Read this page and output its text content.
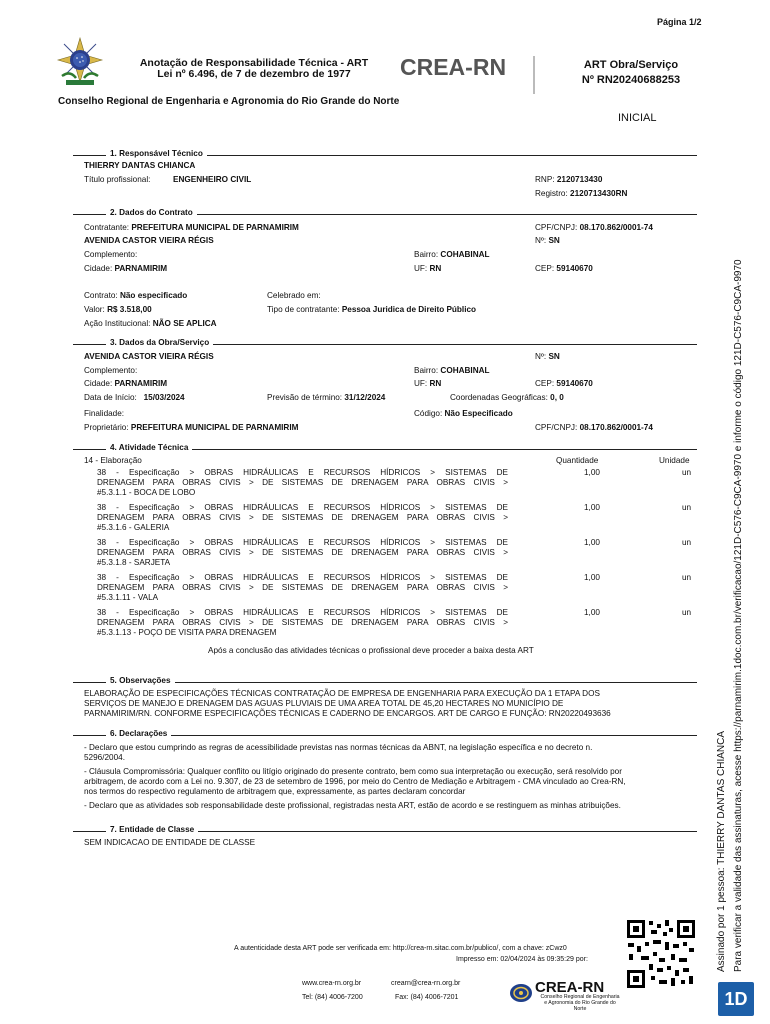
Página 1/2
Anotação de Responsabilidade Técnica - ART
Lei nº 6.496, de 7 de dezembro de 1977	CREA-RN	ART Obra/Serviço
Nº RN20240688253
Conselho Regional de Engenharia e Agronomia do Rio Grande do Norte
INICIAL
1. Responsável Técnico
THIERRY DANTAS CHIANCA
Título profissional:	ENGENHEIRO CIVIL	RNP: 2120713430
Registro: 2120713430RN
2. Dados do Contrato
Contratante: PREFEITURA MUNICIPAL DE PARNAMIRIM	CPF/CNPJ: 08.170.862/0001-74
AVENIDA CASTOR VIEIRA RÉGIS	Nº: SN
Complemento:	Bairro: COHABINAL
Cidade: PARNAMIRIM	UF: RN	CEP: 59140670
Contrato: Não especificado	Celebrado em:
Valor: R$ 3.518,00	Tipo de contratante: Pessoa Juridica de Direito Público
Ação Institucional: NÃO SE APLICA
3. Dados da Obra/Serviço
AVENIDA CASTOR VIEIRA RÉGIS	Nº: SN
Complemento:	Bairro: COHABINAL
Cidade: PARNAMIRIM	UF: RN	CEP: 59140670
Data de Início: 15/03/2024	Previsão de término: 31/12/2024	Coordenadas Geográficas: 0, 0
Finalidade:	Código: Não Especificado
Proprietário: PREFEITURA MUNICIPAL DE PARNAMIRIM	CPF/CNPJ: 08.170.862/0001-74
4. Atividade Técnica
14 - Elaboração	Quantidade	Unidade
38 - Especificação > OBRAS HIDRÁULICAS E RECURSOS HÍDRICOS > SISTEMAS DE
DRENAGEM PARA OBRAS CIVIS > DE SISTEMAS DE DRENAGEM PARA OBRAS CIVIS >
#5.3.1.1 - BOCA DE LOBO
1,00	un
38 - Especificação > OBRAS HIDRÁULICAS E RECURSOS HÍDRICOS > SISTEMAS DE
DRENAGEM PARA OBRAS CIVIS > DE SISTEMAS DE DRENAGEM PARA OBRAS CIVIS >
#5.3.1.6 - GALERIA
1,00	un
38 - Especificação > OBRAS HIDRÁULICAS E RECURSOS HÍDRICOS > SISTEMAS DE
DRENAGEM PARA OBRAS CIVIS > DE SISTEMAS DE DRENAGEM PARA OBRAS CIVIS >
#5.3.1.8 - SARJETA
1,00	un
38 - Especificação > OBRAS HIDRÁULICAS E RECURSOS HÍDRICOS > SISTEMAS DE
DRENAGEM PARA OBRAS CIVIS > DE SISTEMAS DE DRENAGEM PARA OBRAS CIVIS >
#5.3.1.11 - VALA
1,00	un
38 - Especificação > OBRAS HIDRÁULICAS E RECURSOS HÍDRICOS > SISTEMAS DE
DRENAGEM PARA OBRAS CIVIS > DE SISTEMAS DE DRENAGEM PARA OBRAS CIVIS >
#5.3.1.13 - POÇO DE VISITA PARA DRENAGEM
1,00	un
Após a conclusão das atividades técnicas o profissional deve proceder a baixa desta ART
5. Observações
ELABORAÇÃO DE ESPECIFICAÇÕES TÉCNICAS CONTRATAÇÃO DE EMPRESA DE ENGENHARIA PARA EXECUÇÃO DA 1 ETAPA DOS
SERVIÇOS DE MANEJO E DRENAGEM DAS AGUAS PLUVIAIS DE UMA AREA TOTAL DE 45,20 HECTARES NO MUNICÍPIO DE
PARNAMIRIM/RN. CONFORME ESPECIFICAÇÕES TÉCNICAS E CADERNO DE ENCARGOS. ART DE CARGO E FUNÇÃO: RN20220493636
6. Declarações
- Declaro que estou cumprindo as regras de acessibilidade previstas nas normas técnicas da ABNT, na legislação específica e no decreto n.
5296/2004.
- Cláusula Compromissória: Qualquer conflito ou litígio originado do presente contrato, bem como sua interpretação ou execução, será resolvido por
arbitragem, de acordo com a Lei no. 9.307, de 23 de setembro de 1996, por meio do Centro de Mediação e Arbitragem - CMA vinculado ao Crea-RN,
nos termos do respectivo regulamento de arbitragem que, expressamente, as partes declaram concordar
- Declaro que as atividades sob responsabilidade deste profissional, registradas nesta ART, estão de acordo e se restinguem as minhas atribuições.
7. Entidade de Classe
SEM INDICACAO DE ENTIDADE DE CLASSE
A autenticidade desta ART pode ser verificada em: http://crea-rn.sitac.com.br/publico/, com a chave: zCwz0
Impresso em: 02/04/2024 às 09:35:29 por:
www.crea-rn.org.br
Tel: (84) 4006-7200
crearn@crea-rn.org.br
Fax: (84) 4006-7201
CREA-RN
Conselho Regional de Engenharia
e Agronomia do Rio Grande do
Norte
Assinado por 1 pessoa: THIERRY DANTAS CHIANCA Para verificar a validade das assinaturas, acesse https://parnamirim.1doc.com.br/verificacao/121D-C576-C9CA-9970 e informe o código 121D-C576-C9CA-9970
1D
